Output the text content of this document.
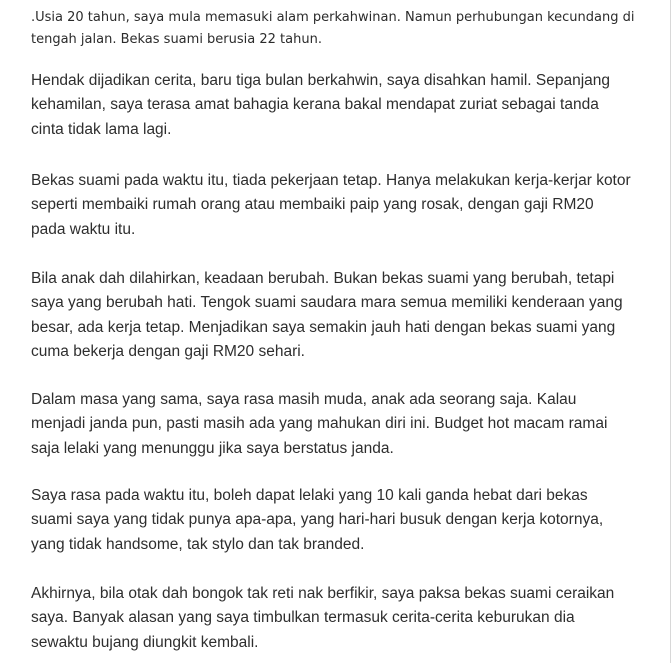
.Usia 20 tahun, saya mula memasuki alam perkahwinan. Namun perhubungan kecundang di
tengah jalan. Bekas suami berusia 22 tahun.

Hendak dijadikan cerita, baru tiga bulan berkahwin, saya disahkan hamil. Sepanjang
kehamilan, saya terasa amat bahagia kerana bakal mendapat zuriat sebagai tanda
cinta tidak lama lagi.

Bekas suami pada waktu itu, tiada pekerjaan tetap. Hanya melakukan kerja-kerjar kotor
seperti membaiki rumah orang atau membaiki paip yang rosak, dengan gaji RM20
pada waktu itu.

Bila anak dah dilahirkan, keadaan berubah. Bukan bekas suami yang berubah, tetapi
saya yang berubah hati. Tengok suami saudara mara semua memiliki kenderaan yang
besar, ada kerja tetap. Menjadikan saya semakin jauh hati dengan bekas suami yang
cuma bekerja dengan gaji RM20 sehari.

Dalam masa yang sama, saya rasa masih muda, anak ada seorang saja. Kalau
menjadi janda pun, pasti masih ada yang mahukan diri ini. Budget hot macam ramai
saja lelaki yang menunggu jika saya berstatus janda.

Saya rasa pada waktu itu, boleh dapat lelaki yang 10 kali ganda hebat dari bekas
suami saya yang tidak punya apa-apa, yang hari-hari busuk dengan kerja kotornya,
yang tidak handsome, tak stylo dan tak branded.

Akhirnya, bila otak dah bongok tak reti nak berfikir, saya paksa bekas suami ceraikan
saya. Banyak alasan yang saya timbulkan termasuk cerita-cerita keburukan dia
sewaktu bujang diungkit kembali.
